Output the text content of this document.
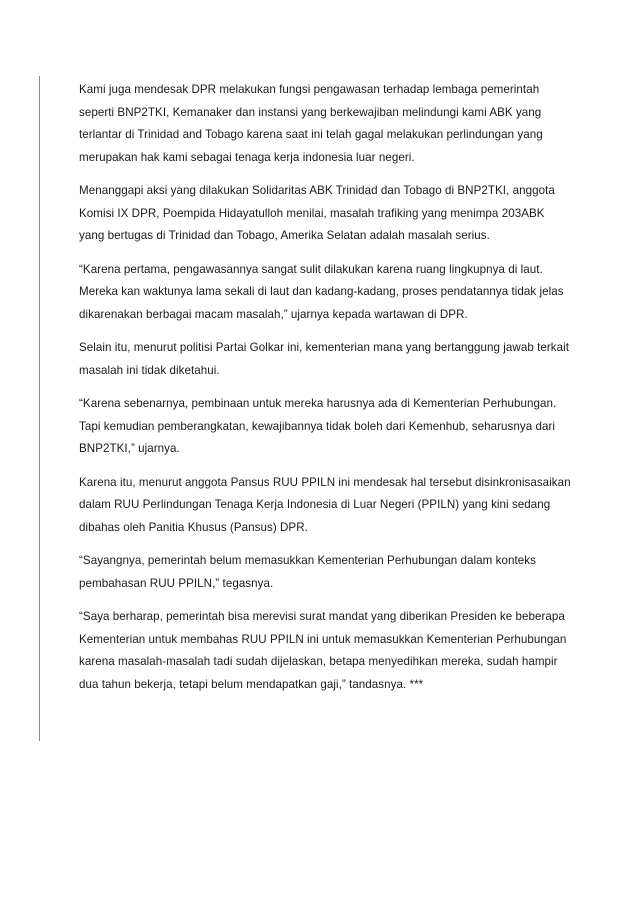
Kami juga mendesak DPR melakukan fungsi pengawasan terhadap lembaga pemerintah seperti BNP2TKI, Kemanaker dan instansi yang berkewajiban melindungi kami ABK yang terlantar di Trinidad and Tobago karena saat ini telah gagal melakukan perlindungan yang merupakan hak kami sebagai tenaga kerja indonesia luar negeri.

Menanggapi aksi yang dilakukan Solidaritas ABK Trinidad dan Tobago di BNP2TKI, anggota Komisi IX DPR, Poempida Hidayatulloh menilai, masalah trafiking yang menimpa 203ABK yang bertugas di Trinidad dan Tobago, Amerika Selatan adalah masalah serius.

“Karena pertama, pengawasannya sangat sulit dilakukan karena ruang lingkupnya di laut. Mereka kan waktunya lama sekali di laut dan kadang-kadang, proses pendatannya tidak jelas dikarenakan berbagai macam masalah,” ujarnya kepada wartawan di DPR.

Selain itu, menurut politisi Partai Golkar ini, kementerian mana yang bertanggung jawab terkait masalah ini tidak diketahui.

“Karena sebenarnya, pembinaan untuk mereka harusnya ada di Kementerian Perhubungan. Tapi kemudian pemberangkatan, kewajibannya tidak boleh dari Kemenhub, seharusnya dari BNP2TKI,” ujarnya.

Karena itu, menurut anggota Pansus RUU PPILN ini mendesak hal tersebut disinkronisasaikan dalam RUU Perlindungan Tenaga Kerja Indonesia di Luar Negeri (PPILN) yang kini sedang dibahas oleh Panitia Khusus (Pansus) DPR.

“Sayangnya, pemerintah belum memasukkan Kementerian Perhubungan dalam konteks pembahasan RUU PPILN,” tegasnya.

“Saya berharap, pemerintah bisa merevisi surat mandat yang diberikan Presiden ke beberapa Kementerian untuk membahas RUU PPILN ini untuk memasukkan Kementerian Perhubungan karena masalah-masalah tadi sudah dijelaskan, betapa menyedihkan mereka, sudah hampir dua tahun bekerja, tetapi belum mendapatkan gaji,” tandasnya. ***
